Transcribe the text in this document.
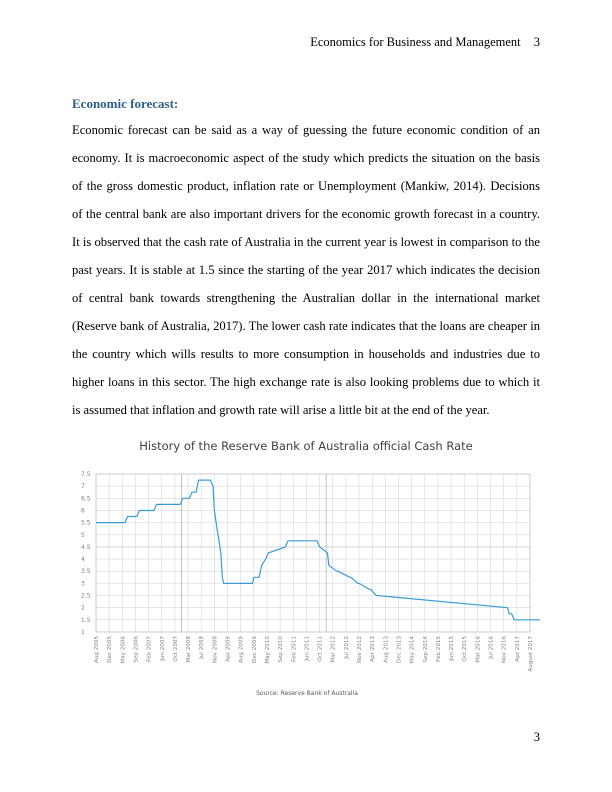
Economics for Business and Management 3
Economic forecast:

Economic forecast can be said as a way of guessing the future economic condition of an economy. It is macroeconomic aspect of the study which predicts the situation on the basis of the gross domestic product, inflation rate or Unemployment (Mankiw, 2014). Decisions of the central bank are also important drivers for the economic growth forecast in a country. It is observed that the cash rate of Australia in the current year is lowest in comparison to the past years. It is stable at 1.5 since the starting of the year 2017 which indicates the decision of central bank towards strengthening the Australian dollar in the international market (Reserve bank of Australia, 2017). The lower cash rate indicates that the loans are cheaper in the country which wills results to more consumption in households and industries due to higher loans in this sector. The high exchange rate is also looking problems due to which it is assumed that inflation and growth rate will arise a little bit at the end of the year.

History of the Reserve Bank of Australia official Cash Rate
7.5
7
6.5
6
5.5
5
4.5
4
3.5
3
2.5
2
1.5
1
Aug 2005 Dec 2005 May 2006 Sep 2006 Feb 2007 Jun 2007 Oct 2007 Mar 2008 Jul 2008 Nov 2008 Apr 2009 Aug 2009 Dec 2009 May 2010 Sep 2010 Feb 2011 Jun 2011 Oct 2011 Mar 2012 Jul 2012 Nov 2012 Apr 2013 Aug 2013 Dec 2013 May 2014 Sep 2014 Feb 2015 Jun 2015 Oct 2015 Mar 2016 Jul 2016 Nov 2016 Apr 2017 August 2017
Source: Reserve Bank of Australia
3
